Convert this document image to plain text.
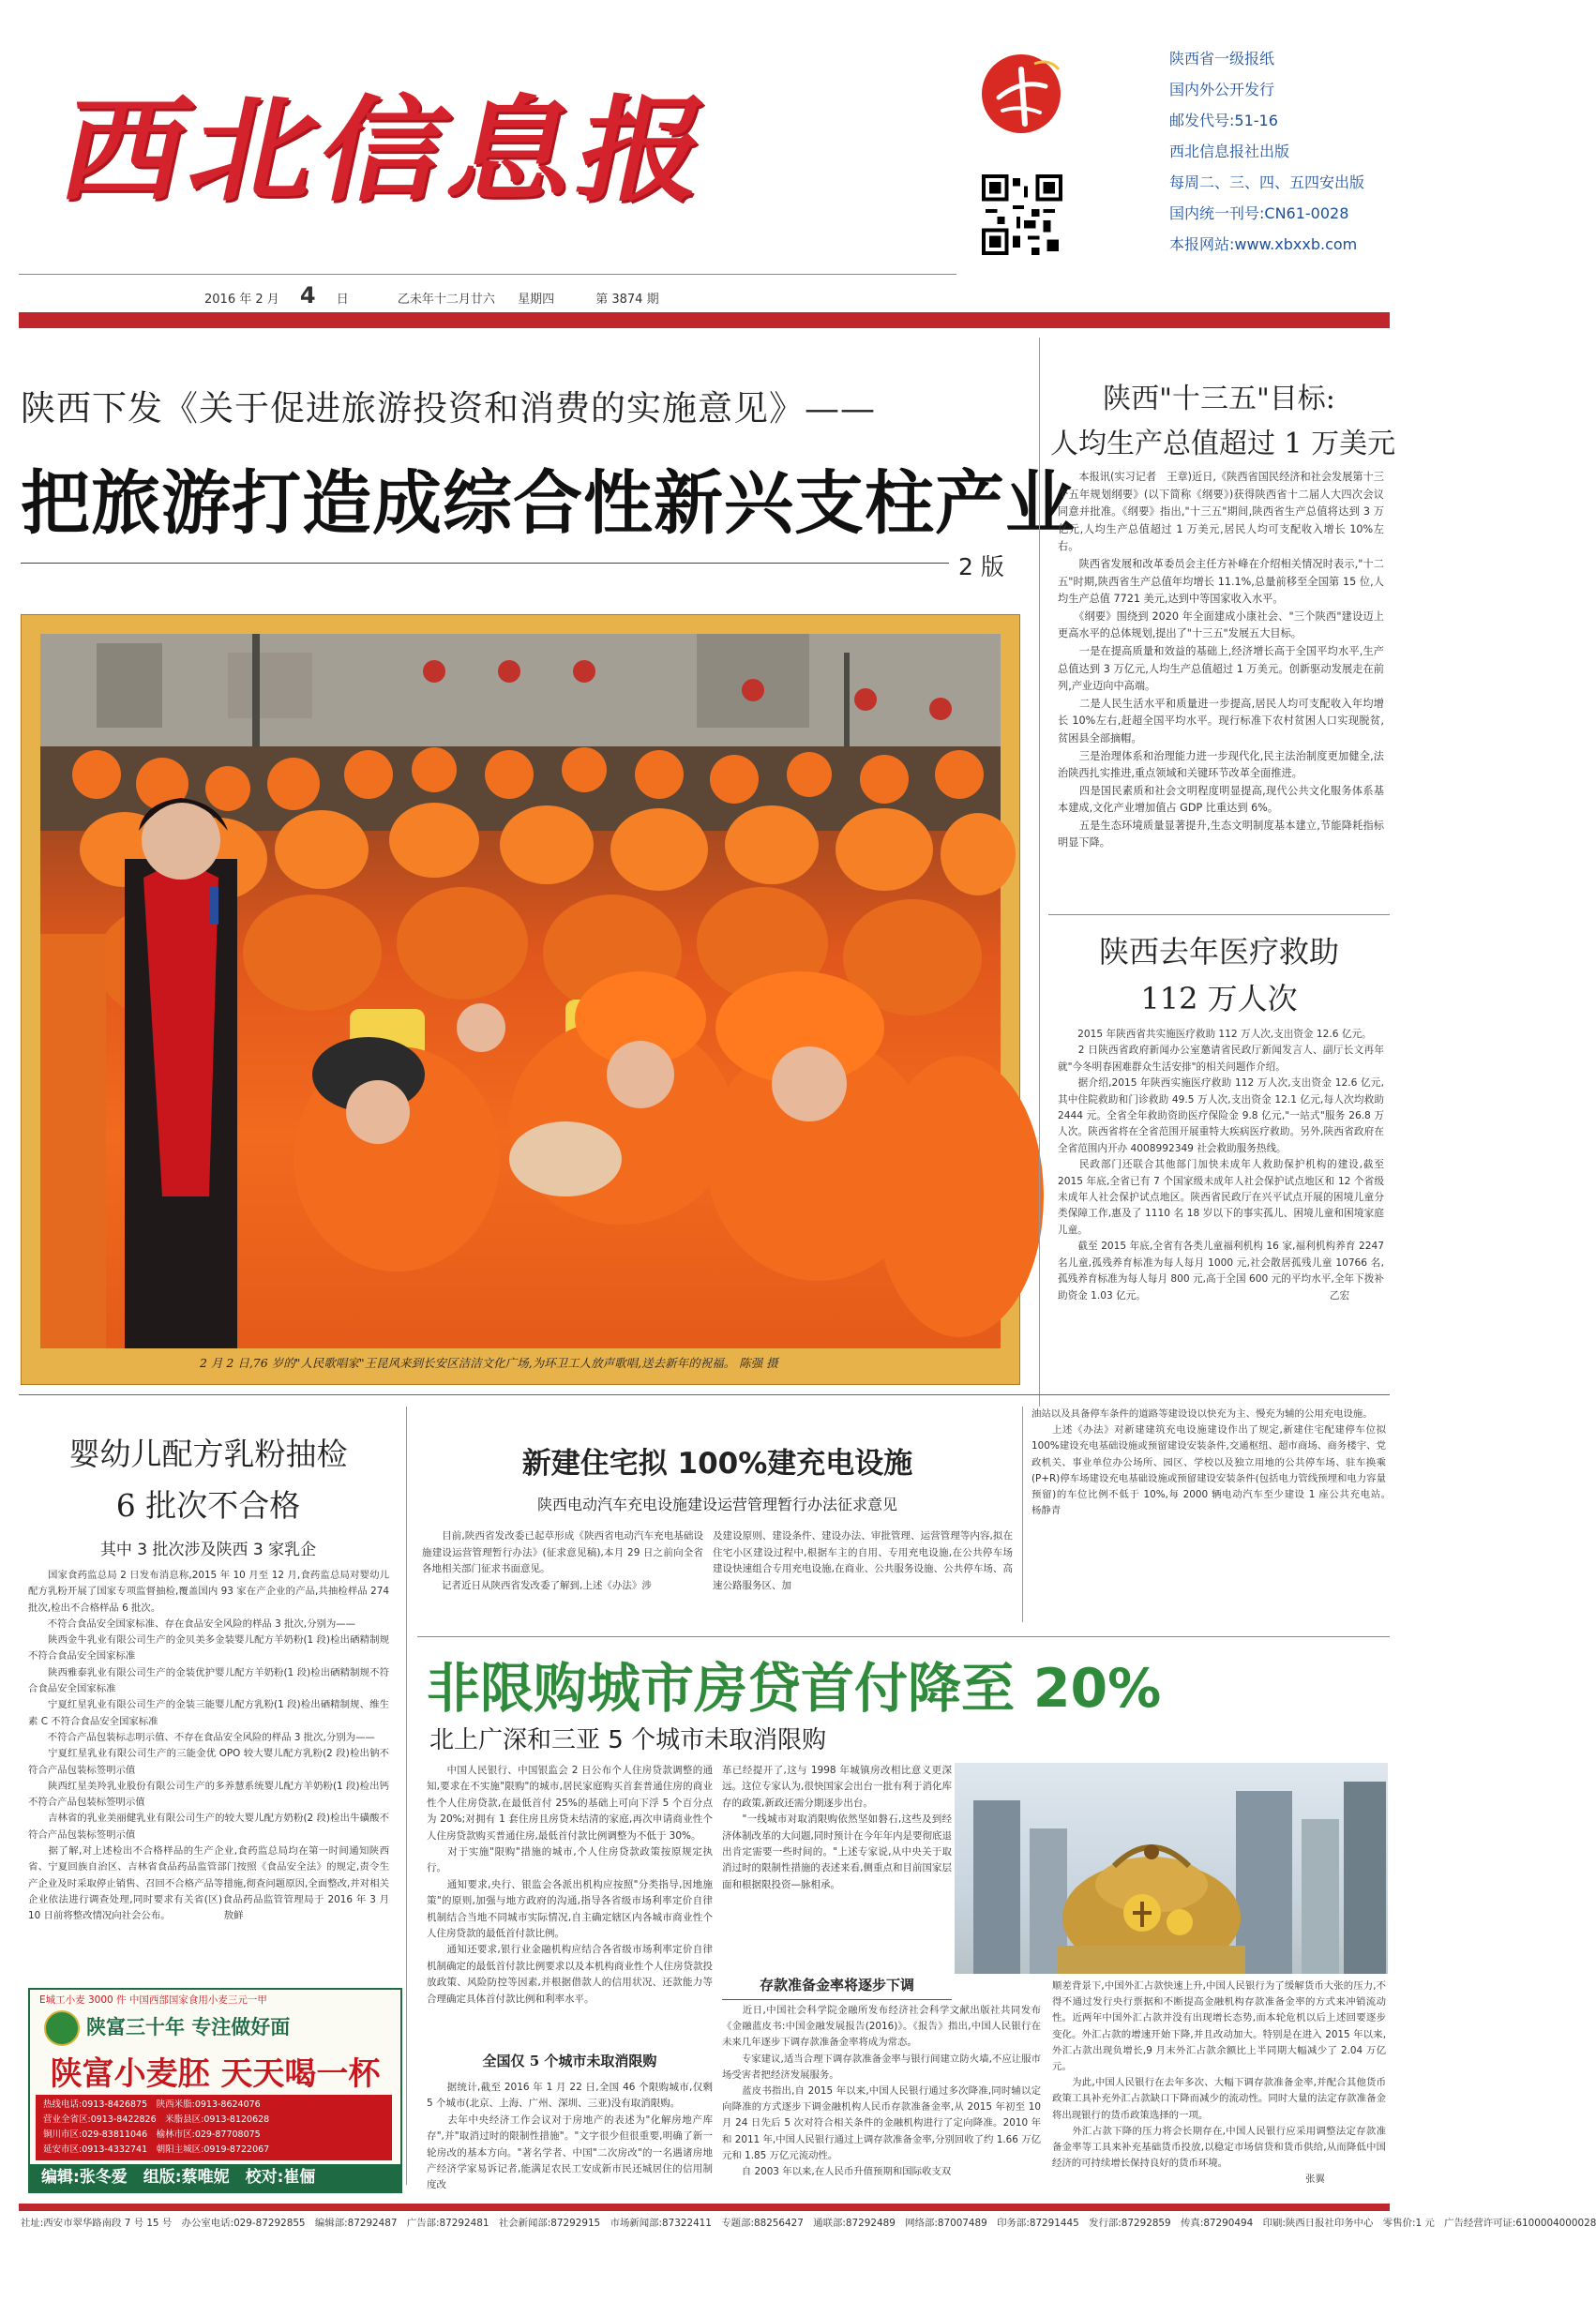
西北信息报
陕西省一级报纸
国内外公开发行
邮发代号:51-16
西北信息报社出版
每周二、三、四、五四安出版
国内统一刊号:CN61-0028
本报网站:www.xbxxb.com
2016 年 2 月 4 日	乙未年十二月廿六 星期四	第 3874 期
陕西下发《关于促进旅游投资和消费的实施意见》——
把旅游打造成综合性新兴支柱产业
2 版
2 月 2 日,76 岁的"人民歌唱家"王昆风来到长安区洁洁文化广场,为环卫工人放声歌唱,送去新年的祝福。 陈强 摄
陕西"十三五"目标:
人均生产总值超过 1 万美元
　　本报讯(实习记者　王章)近日,《陕西省国民经济和社会发展第十三个五年规划纲要》(以下简称《纲要》)获得陕西省十二届人大四次会议同意并批准。《纲要》指出,"十三五"期间,陕西省生产总值将达到 3 万亿元,人均生产总值超过 1 万美元,居民人均可支配收入增长 10%左右。
　　陕西省发展和改革委员会主任方补峰在介绍相关情况时表示,"十二五"时期,陕西省生产总值年均增长 11.1%,总量前移至全国第 15 位,人均生产总值 7721 美元,达到中等国家收入水平。
　　《纲要》围绕到 2020 年全面建成小康社会、"三个陕西"建设迈上更高水平的总体规划,提出了"十三五"发展五大目标。
　　一是在提高质量和效益的基础上,经济增长高于全国平均水平,生产总值达到 3 万亿元,人均生产总值超过 1 万美元。创新驱动发展走在前列,产业迈向中高端。
　　二是人民生活水平和质量进一步提高,居民人均可支配收入年均增长 10%左右,赶超全国平均水平。现行标准下农村贫困人口实现脱贫,贫困县全部摘帽。
　　三是治理体系和治理能力进一步现代化,民主法治制度更加健全,法治陕西扎实推进,重点领域和关键环节改革全面推进。
　　四是国民素质和社会文明程度明显提高,现代公共文化服务体系基本建成,文化产业增加值占 GDP 比重达到 6%。
　　五是生态环境质量显著提升,生态文明制度基本建立,节能降耗指标明显下降。
陕西去年医疗救助
112 万人次
　　2015 年陕西省共实施医疗救助 112 万人次,支出资金 12.6 亿元。
　　2 日陕西省政府新闻办公室邀请省民政厅新闻发言人、副厅长文再年就"今冬明春困难群众生活安排"的相关问题作介绍。
　　据介绍,2015 年陕西实施医疗救助 112 万人次,支出资金 12.6 亿元,其中住院救助和门诊救助 49.5 万人次,支出资金 12.1 亿元,每人次均救助 2444 元。全省全年救助资助医疗保险金 9.8 亿元,"一站式"服务 26.8 万人次。陕西省将在全省范围开展重特大疾病医疗救助。另外,陕西省政府在全省范围内开办 4008992349 社会救助服务热线。
　　民政部门还联合其他部门加快未成年人救助保护机构的建设,截至 2015 年底,全省已有 7 个国家级未成年人社会保护试点地区和 12 个省级未成年人社会保护试点地区。陕西省民政厅在兴平试点开展的困境儿童分类保障工作,惠及了 1110 名 18 岁以下的事实孤儿、困境儿童和困境家庭儿童。
　　截至 2015 年底,全省有各类儿童福利机构 16 家,福利机构养育 2247 名儿童,孤残养育标准为每人每月 1000 元,社会散居孤残儿童 10766 名,孤残养育标准为每人每月 800 元,高于全国 600 元的平均水平,全年下拨补助资金 1.03 亿元。　　　　　　　　　　　　　　　　　　　乙宏
婴幼儿配方乳粉抽检
6 批次不合格
其中 3 批次涉及陕西 3 家乳企
　　国家食药监总局 2 日发布消息称,2015 年 10 月至 12 月,食药监总局对婴幼儿配方乳粉开展了国家专项监督抽检,覆盖国内 93 家在产企业的产品,共抽检样品 274 批次,检出不合格样品 6 批次。
　　不符合食品安全国家标准、存在食品安全风险的样品 3 批次,分别为——
　　陕西金牛乳业有限公司生产的金贝美多金装婴儿配方羊奶粉(1 段)检出硒精制规不符合食品安全国家标准
　　陕西雅泰乳业有限公司生产的金装优护婴儿配方羊奶粉(1 段)检出硒精制规不符合食品安全国家标准
　　宁夏红星乳业有限公司生产的金装三能婴儿配方乳粉(1 段)检出硒精制规、维生素 C 不符合食品安全国家标准
　　不符合产品包装标志明示值、不存在食品安全风险的样品 3 批次,分别为——
　　宁夏红星乳业有限公司生产的三能金优 OPO 较大婴儿配方乳粉(2 段)检出钠不符合产品包装标签明示值
　　陕西红星美羚乳业股份有限公司生产的多养慧系统婴儿配方羊奶粉(1 段)检出钙不符合产品包装标签明示值
　　吉林省的乳业美丽健乳业有限公司生产的较大婴儿配方奶粉(2 段)检出牛磺酸不符合产品包装标签明示值
　　据了解,对上述检出不合格样品的生产企业,食药监总局均在第一时间通知陕西省、宁夏回族自治区、吉林省食品药品监管部门按照《食品安全法》的规定,责令生产企业及时采取停止销售、召回不合格产品等措施,彻查问题原因,全面整改,并对相关企业依法进行调查处理,同时要求有关省(区)食品药品监管管理局于 2016 年 3 月 10 日前将整改情况向社会公布。　　　　　　敖鲜
E城工小麦 3000 件 中国西部国家食用小麦三元一甲
陕富三十年 专注做好面
陕富小麦胚 天天喝一杯
热线电话:0913-8426875　陕西米脂:0913-8624076
营业全省区:0913-8422826　米脂县区:0913-8120628
铜川市区:029-83811046　榆林市区:029-87708075
延安市区:0913-4332741　朝阳主城区:0919-8722067
编辑:张冬爱　组版:蔡唯妮　校对:崔俪
新建住宅拟 100%建充电设施
陕西电动汽车充电设施建设运营管理暂行办法征求意见
　　目前,陕西省发改委已起草形成《陕西省电动汽车充电基础设施建设运营管理暂行办法》(征求意见稿),本月 29 日之前向全省各地相关部门征求书面意见。
　　记者近日从陕西省发改委了解到,上述《办法》涉
及建设原则、建设条件、建设办法、审批管理、运营管理等内容,拟在住宅小区建设过程中,根据车主的自用、专用充电设施,在公共停车场建设快速组合专用充电设施,在商业、公共服务设施、公共停车场、高速公路服务区、加
油站以及具备停车条件的道路等建设设以快充为主、慢充为辅的公用充电设施。
　　上述《办法》对新建建筑充电设施建设作出了规定,新建住宅配建停车位拟 100%建设充电基础设施或预留建设安装条件,交通枢纽、超市商场、商务楼宇、党政机关、事业单位办公场所、园区、学校以及独立用地的公共停车场、驻车换乘(P+R)停车场建设充电基础设施或预留建设安装条件(包括电力管线预埋和电力容量预留)的车位比例不低于 10%,每 2000 辆电动汽车至少建设 1 座公共充电站。　　　　　　　　　　　杨静青
非限购城市房贷首付降至 20%
北上广深和三亚 5 个城市未取消限购
　　中国人民银行、中国银监会 2 日公布个人住房贷款调整的通知,要求在不实施"限购"的城市,居民家庭购买首套普通住房的商业性个人住房贷款,在最低首付 25%的基础上可向下浮 5 个百分点为 20%;对拥有 1 套住房且房贷未结清的家庭,再次申请商业性个人住房贷款购买普通住房,最低首付款比例调整为不低于 30%。
　　对于实施"限购"措施的城市,个人住房贷款政策按原规定执行。
　　通知要求,央行、银监会各派出机构应按照"分类指导,因地施策"的原则,加强与地方政府的沟通,指导各省级市场利率定价自律机制结合当地不同城市实际情况,自主确定辖区内各城市商业性个人住房贷款的最低首付款比例。
　　通知还要求,银行业金融机构应结合各省级市场利率定价自律机制确定的最低首付款比例要求以及本机构商业性个人住房贷款投放政策、风险防控等因素,并根据借款人的信用状况、还款能力等合理确定具体首付款比例和利率水平。
全国仅 5 个城市未取消限购
　　据统计,截至 2016 年 1 月 22 日,全国 46 个限购城市,仅剩 5 个城市(北京、上海、广州、深圳、三亚)没有取消限购。
　　去年中央经济工作会议对于房地产的表述为"化解房地产库存",并"取消过时的限制性措施"。"文字很少但很重要,明确了新一轮房改的基本方向。"著名学者、中国"二次房改"的一名遇诸房地产经济学家易诉记者,能满足农民工安成新市民还城居住的信用制度改
革已经提开了,这与 1998 年城镇房改相比意义更深远。这位专家认为,很快国家会出台一批有利于消化库存的政策,新政还需分期逐步出台。
　　"一线城市对取消限购依然坚如磐石,这些及到经济体制改革的大问题,同时预计在今年年内是要彻底退出肯定需要一些时间的。"上述专家说,从中央关于取消过时的限制性措施的表述来看,侧重点和目前国家层面和根据限投资—脉相承。
存款准备金率将逐步下调
　　近日,中国社会科学院金融所发布经济社会科学文献出版社共同发布《金融蓝皮书:中国金融发展报告(2016)》。《报告》指出,中国人民银行在未来几年逐步下调存款准备金率将成为常态。
　　专家建议,适当合理下调存款准备金率与银行间建立防火墙,不应让服市场受害者把经济发展服务。
　　蓝皮书指出,自 2015 年以来,中国人民银行通过多次降准,同时辅以定向降准的方式逐步下调金融机构人民币存款准备金率,从 2015 年初至 10 月 24 日先后 5 次对符合相关条件的金融机构进行了定向降准。2010 年和 2011 年,中国人民银行通过上调存款准备金率,分别回收了约 1.66 万亿元和 1.85 万亿元流动性。
　　自 2003 年以来,在人民币升值预期和国际收支双
顺差背景下,中国外汇占款快速上升,中国人民银行为了缓解货币大张的压力,不得不通过发行央行票据和不断提高金融机构存款准备金率的方式来冲销流动性。近两年中国外汇占款并没有出现增长态势,而本轮危机以后上述回要逐步变化。外汇占款的增速开始下降,并且改动加大。特别是在进入 2015 年以来,外汇占款出现负增长,9 月末外汇占款余额比上半同期大幅减少了 2.04 万亿元。
　　为此,中国人民银行在去年多次、大幅下调存款准备金率,并配合其他货币政策工具补充外汇占款缺口下降而减少的流动性。同时大量的法定存款准备金将出现银行的货币政策选择的一项。
　　外汇占款下降的压力将会长期存在,中国人民银行应采用调整法定存款准备金率等工具来补充基础货币投放,以稳定市场信贷和货币供给,从而降低中国经济的可持续增长保持良好的货币环境。
　　　　　　　　　　　　　　　　　　　　　　　　　　张翼
社址:西安市翠华路南段 7 号 15 号　办公室电话:029-87292855　编辑部:87292487　广告部:87292481　社会新闻部:87292915　市场新闻部:87322411　专题部:88256427　通联部:87292489　网络部:87007489　印务部:87291445　发行部:87292859　传真:87290494　印刷:陕西日报社印务中心　零售价:1 元　广告经营许可证:6100004000028
